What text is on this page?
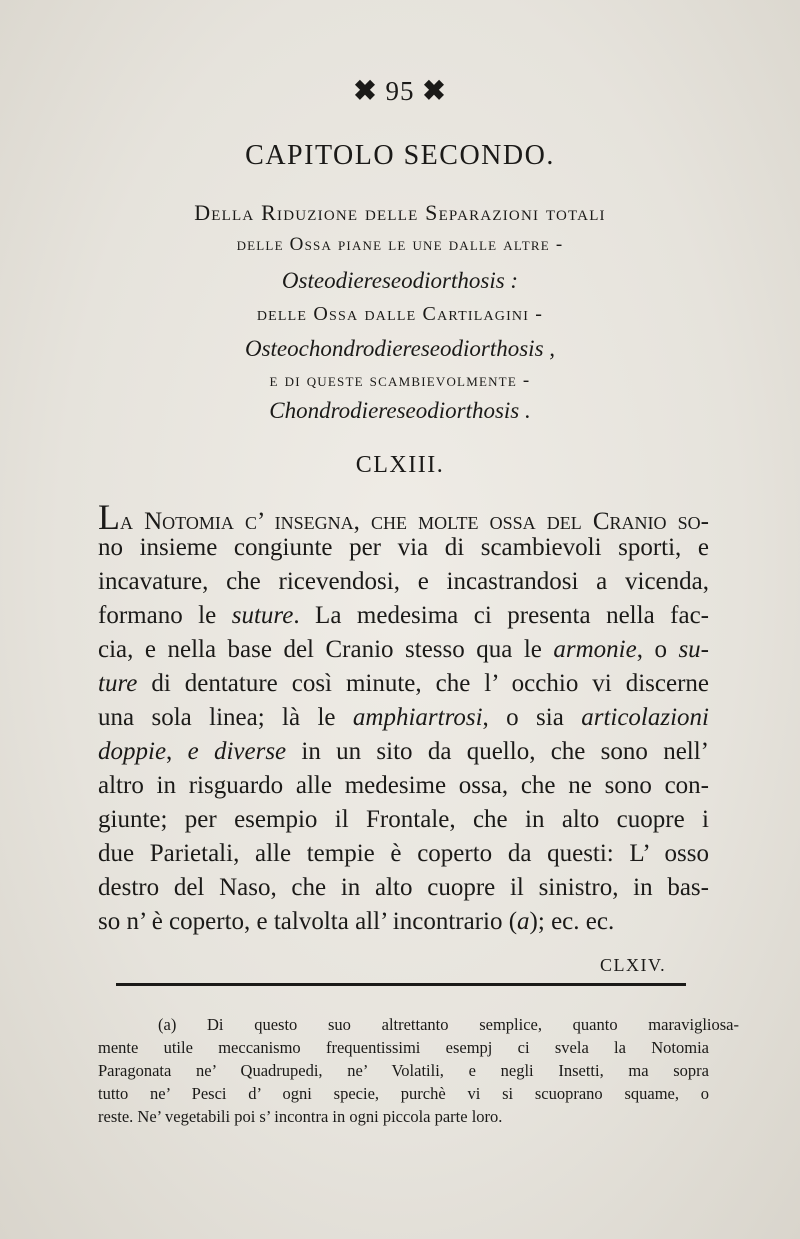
✖ 95 ✖
CAPITOLO SECONDO.
Della Riduzione delle Separazioni totali
delle Ossa piane le une dalle altre -
Osteodiereseodiorthosis :
delle Ossa dalle Cartilagini -
Osteochondrodiereseodiorthosis ,
e di queste scambievolmente -
Chondrodiereseodiorthosis .
CLXIII.
La Notomia c’ insegna, che molte ossa del Cranio so-
no insieme congiunte per via di scambievoli sporti, e
incavature, che ricevendosi, e incastrandosi a vicenda,
formano le suture. La medesima ci presenta nella fac-
cia, e nella base del Cranio stesso qua le armonie, o su-
ture di dentature così minute, che l’ occhio vi discerne
una sola linea; là le amphiartrosi, o sia articolazioni
doppie, e diverse in un sito da quello, che sono nell’
altro in risguardo alle medesime ossa, che ne sono con-
giunte; per esempio il Frontale, che in alto cuopre i
due Parietali, alle tempie è coperto da questi: L’ osso
destro del Naso, che in alto cuopre il sinistro, in bas-
so n’ è coperto, e talvolta all’ incontrario (a); ec. ec.
CLXIV.
(a) Di questo suo altrettanto semplice, quanto maravigliosa-
mente utile meccanismo frequentissimi esempj ci svela la Notomia
Paragonata ne’ Quadrupedi, ne’ Volatili, e negli Insetti, ma sopra
tutto ne’ Pesci d’ ogni specie, purchè vi si scuoprano squame, o
reste. Ne’ vegetabili poi s’ incontra in ogni piccola parte loro.
